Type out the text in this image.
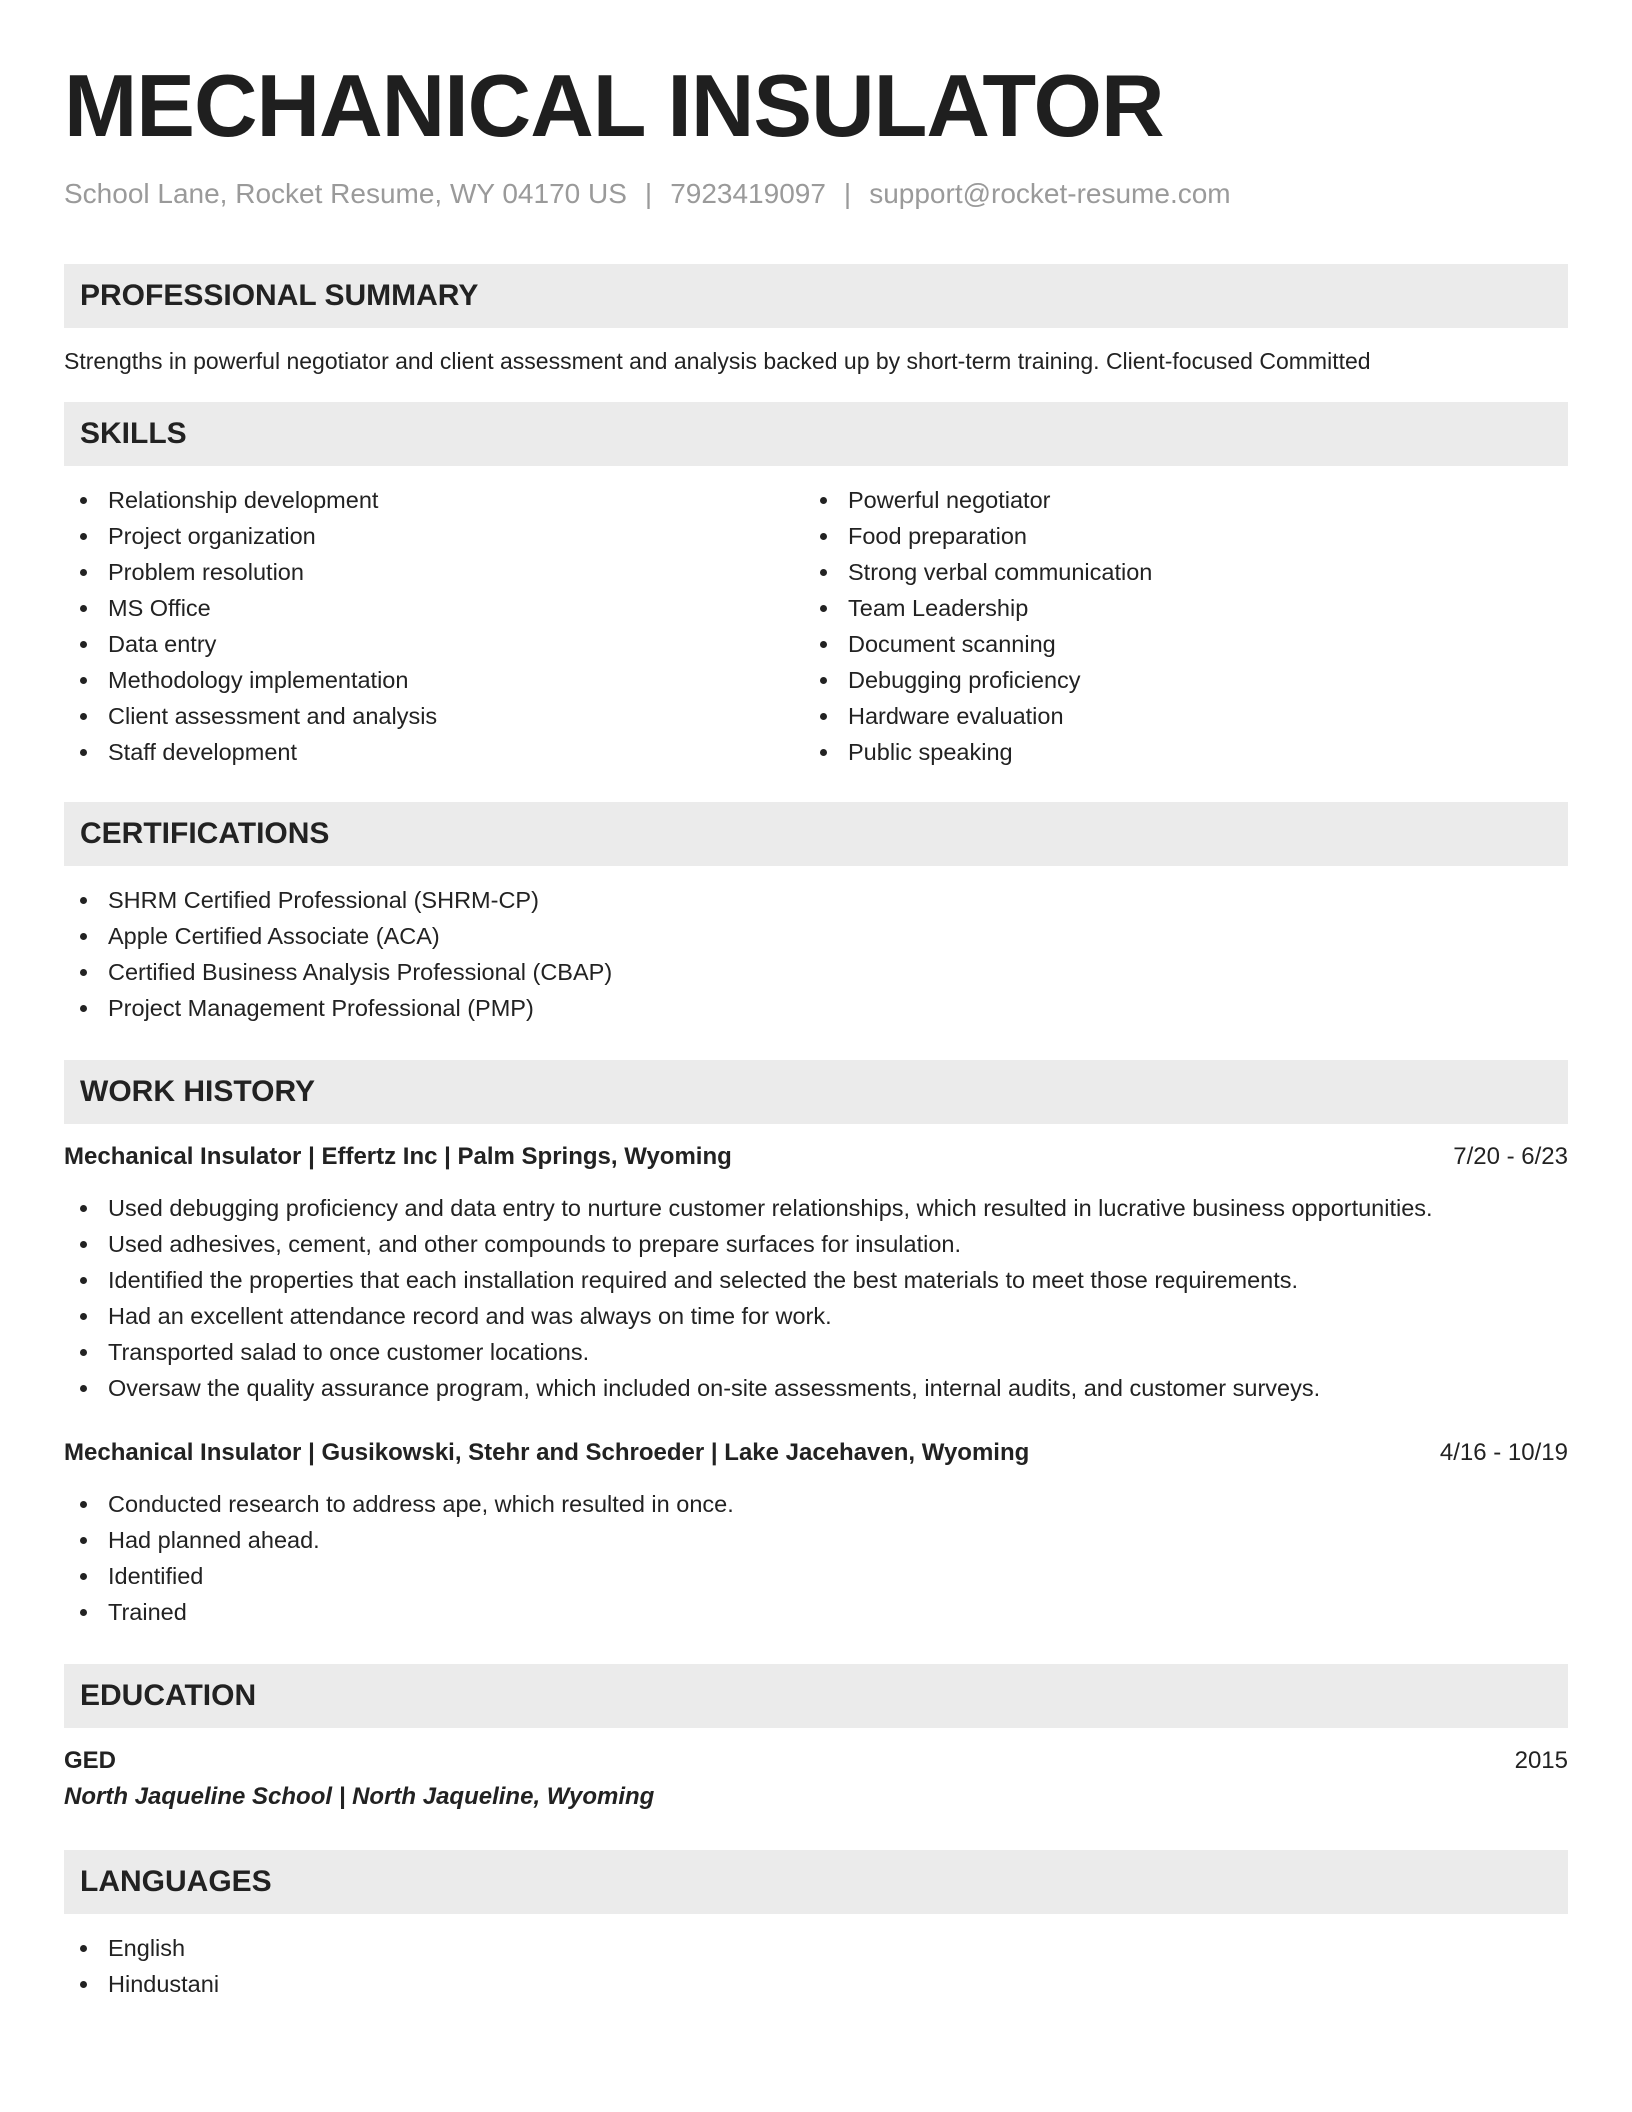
MECHANICAL INSULATOR
School Lane, Rocket Resume, WY 04170 US | 7923419097 | support@rocket-resume.com
PROFESSIONAL SUMMARY

Strengths in powerful negotiator and client assessment and analysis backed up by short-term training. Client-focused Committed

SKILLS
Relationship development
Project organization
Problem resolution
MS Office
Data entry
Methodology implementation
Client assessment and analysis
Staff development
Powerful negotiator
Food preparation
Strong verbal communication
Team Leadership
Document scanning
Debugging proficiency
Hardware evaluation
Public speaking
CERTIFICATIONS
SHRM Certified Professional (SHRM-CP)
Apple Certified Associate (ACA)
Certified Business Analysis Professional (CBAP)
Project Management Professional (PMP)
WORK HISTORY
Mechanical Insulator | Effertz Inc | Palm Springs, Wyoming	7/20 - 6/23
Used debugging proficiency and data entry to nurture customer relationships, which resulted in lucrative business opportunities.
Used adhesives, cement, and other compounds to prepare surfaces for insulation.
Identified the properties that each installation required and selected the best materials to meet those requirements.
Had an excellent attendance record and was always on time for work.
Transported salad to once customer locations.
Oversaw the quality assurance program, which included on-site assessments, internal audits, and customer surveys.
Mechanical Insulator | Gusikowski, Stehr and Schroeder | Lake Jacehaven, Wyoming	4/16 - 10/19
Conducted research to address ape, which resulted in once.
Had planned ahead.
Identified
Trained
EDUCATION
GED	2015
North Jaqueline School | North Jaqueline, Wyoming
LANGUAGES
English
Hindustani
